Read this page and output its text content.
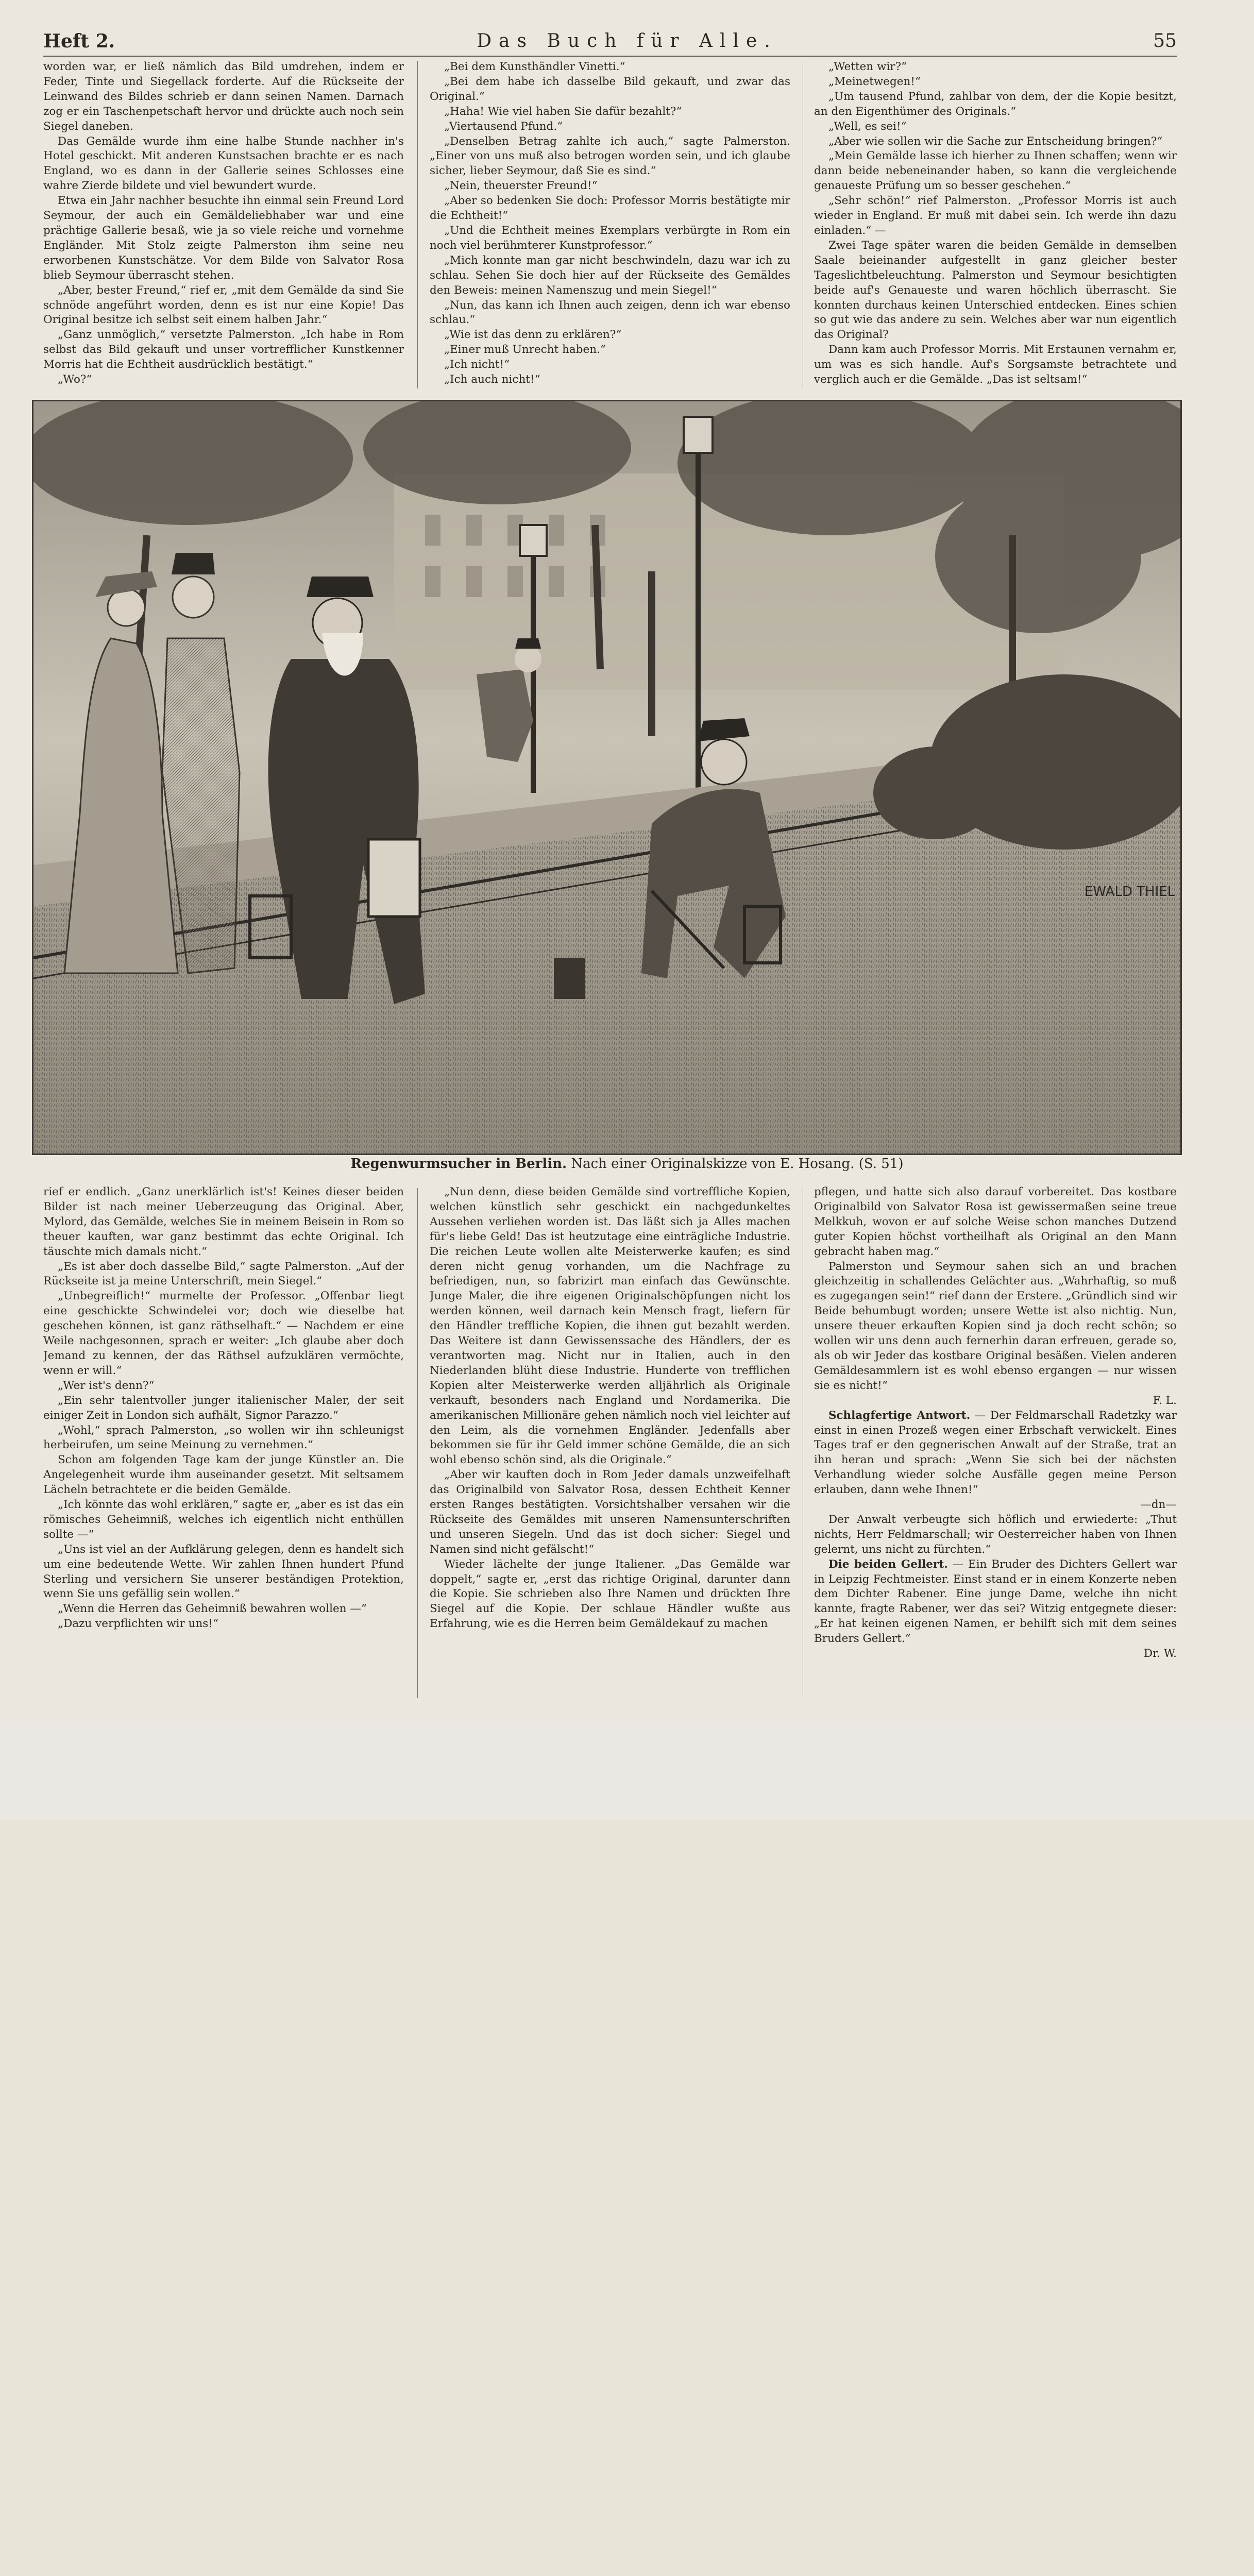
Heft 2.	Das Buch für Alle.	55

worden war, er ließ nämlich das Bild umdrehen, indem er Feder, Tinte und Siegellack forderte. Auf die Rückseite der Leinwand des Bildes schrieb er dann seinen Namen. Darnach zog er ein Taschenpetschaft hervor und drückte auch noch sein Siegel daneben.

Das Gemälde wurde ihm eine halbe Stunde nachher in's Hotel geschickt. Mit anderen Kunstsachen brachte er es nach England, wo es dann in der Gallerie seines Schlosses eine wahre Zierde bildete und viel bewundert wurde.

Etwa ein Jahr nachher besuchte ihn einmal sein Freund Lord Seymour, der auch ein Gemäldeliebhaber war und eine prächtige Gallerie besaß, wie ja so viele reiche und vornehme Engländer. Mit Stolz zeigte Palmerston ihm seine neu erworbenen Kunstschätze. Vor dem Bilde von Salvator Rosa blieb Seymour überrascht stehen.

„Aber, bester Freund,“ rief er, „mit dem Gemälde da sind Sie schnöde angeführt worden, denn es ist nur eine Kopie! Das Original besitze ich selbst seit einem halben Jahr.“

„Ganz unmöglich,“ versetzte Palmerston. „Ich habe in Rom selbst das Bild gekauft und unser vortrefflicher Kunstkenner Morris hat die Echtheit ausdrücklich bestätigt.“

„Wo?“

„Bei dem Kunsthändler Vinetti.“

„Bei dem habe ich dasselbe Bild gekauft, und zwar das Original.“

„Haha! Wie viel haben Sie dafür bezahlt?“

„Viertausend Pfund.“

„Denselben Betrag zahlte ich auch,“ sagte Palmerston. „Einer von uns muß also betrogen worden sein, und ich glaube sicher, lieber Seymour, daß Sie es sind.“

„Nein, theuerster Freund!“

„Aber so bedenken Sie doch: Professor Morris bestätigte mir die Echtheit!“

„Und die Echtheit meines Exemplars verbürgte in Rom ein noch viel berühmterer Kunstprofessor.“

„Mich konnte man gar nicht beschwindeln, dazu war ich zu schlau. Sehen Sie doch hier auf der Rückseite des Gemäldes den Beweis: meinen Namenszug und mein Siegel!“

„Nun, das kann ich Ihnen auch zeigen, denn ich war ebenso schlau.“

„Wie ist das denn zu erklären?“

„Einer muß Unrecht haben.“

„Ich nicht!“

„Ich auch nicht!“

„Wetten wir?“

„Meinetwegen!“

„Um tausend Pfund, zahlbar von dem, der die Kopie besitzt, an den Eigenthümer des Originals.“

„Well, es sei!“

„Aber wie sollen wir die Sache zur Entscheidung bringen?“

„Mein Gemälde lasse ich hierher zu Ihnen schaffen; wenn wir dann beide nebeneinander haben, so kann die vergleichende genaueste Prüfung um so besser geschehen.“

„Sehr schön!“ rief Palmerston. „Professor Morris ist auch wieder in England. Er muß mit dabei sein. Ich werde ihn dazu einladen.“ —

Zwei Tage später waren die beiden Gemälde in demselben Saale beieinander aufgestellt in ganz gleicher bester Tageslichtbeleuchtung. Palmerston und Seymour besichtigten beide auf's Genaueste und waren höchlich überrascht. Sie konnten durchaus keinen Unterschied entdecken. Eines schien so gut wie das andere zu sein. Welches aber war nun eigentlich das Original?

Dann kam auch Professor Morris. Mit Erstaunen vernahm er, um was es sich handle. Auf's Sorgsamste betrachtete und verglich auch er die Gemälde. „Das ist seltsam!“

EWALD THIEL
Regenwurmsucher in Berlin. Nach einer Originalskizze von E. Hosang. (S. 51)

rief er endlich. „Ganz unerklärlich ist's! Keines dieser beiden Bilder ist nach meiner Ueberzeugung das Original. Aber, Mylord, das Gemälde, welches Sie in meinem Beisein in Rom so theuer kauften, war ganz bestimmt das echte Original. Ich täuschte mich damals nicht.“

„Es ist aber doch dasselbe Bild,“ sagte Palmerston. „Auf der Rückseite ist ja meine Unterschrift, mein Siegel.“

„Unbegreiflich!“ murmelte der Professor. „Offenbar liegt eine geschickte Schwindelei vor; doch wie dieselbe hat geschehen können, ist ganz räthselhaft.“ — Nachdem er eine Weile nachgesonnen, sprach er weiter: „Ich glaube aber doch Jemand zu kennen, der das Räthsel aufzuklären vermöchte, wenn er will.“

„Wer ist's denn?“

„Ein sehr talentvoller junger italienischer Maler, der seit einiger Zeit in London sich aufhält, Signor Parazzo.“

„Wohl,“ sprach Palmerston, „so wollen wir ihn schleunigst herbeirufen, um seine Meinung zu vernehmen.“

Schon am folgenden Tage kam der junge Künstler an. Die Angelegenheit wurde ihm auseinander gesetzt. Mit seltsamem Lächeln betrachtete er die beiden Gemälde.

„Ich könnte das wohl erklären,“ sagte er, „aber es ist das ein römisches Geheimniß, welches ich eigentlich nicht enthüllen sollte —“

„Uns ist viel an der Aufklärung gelegen, denn es handelt sich um eine bedeutende Wette. Wir zahlen Ihnen hundert Pfund Sterling und versichern Sie unserer beständigen Protektion, wenn Sie uns gefällig sein wollen.“

„Wenn die Herren das Geheimniß bewahren wollen —“

„Dazu verpflichten wir uns!“

„Nun denn, diese beiden Gemälde sind vortreffliche Kopien, welchen künstlich sehr geschickt ein nachgedunkeltes Aussehen verliehen worden ist. Das läßt sich ja Alles machen für's liebe Geld! Das ist heutzutage eine einträgliche Industrie. Die reichen Leute wollen alte Meisterwerke kaufen; es sind deren nicht genug vorhanden, um die Nachfrage zu befriedigen, nun, so fabrizirt man einfach das Gewünschte. Junge Maler, die ihre eigenen Originalschöpfungen nicht los werden können, weil darnach kein Mensch fragt, liefern für den Händler treffliche Kopien, die ihnen gut bezahlt werden. Das Weitere ist dann Gewissenssache des Händlers, der es verantworten mag. Nicht nur in Italien, auch in den Niederlanden blüht diese Industrie. Hunderte von trefflichen Kopien alter Meisterwerke werden alljährlich als Originale verkauft, besonders nach England und Nordamerika. Die amerikanischen Millionäre gehen nämlich noch viel leichter auf den Leim, als die vornehmen Engländer. Jedenfalls aber bekommen sie für ihr Geld immer schöne Gemälde, die an sich wohl ebenso schön sind, als die Originale.“

„Aber wir kauften doch in Rom Jeder damals unzweifelhaft das Originalbild von Salvator Rosa, dessen Echtheit Kenner ersten Ranges bestätigten. Vorsichtshalber versahen wir die Rückseite des Gemäldes mit unseren Namensunterschriften und unseren Siegeln. Und das ist doch sicher: Siegel und Namen sind nicht gefälscht!“

Wieder lächelte der junge Italiener. „Das Gemälde war doppelt,“ sagte er, „erst das richtige Original, darunter dann die Kopie. Sie schrieben also Ihre Namen und drückten Ihre Siegel auf die Kopie. Der schlaue Händler wußte aus Erfahrung, wie es die Herren beim Gemäldekauf zu machen

pflegen, und hatte sich also darauf vorbereitet. Das kostbare Originalbild von Salvator Rosa ist gewissermaßen seine treue Melkkuh, wovon er auf solche Weise schon manches Dutzend guter Kopien höchst vortheilhaft als Original an den Mann gebracht haben mag.“

Palmerston und Seymour sahen sich an und brachen gleichzeitig in schallendes Gelächter aus. „Wahrhaftig, so muß es zugegangen sein!“ rief dann der Erstere. „Gründlich sind wir Beide behumbugt worden; unsere Wette ist also nichtig. Nun, unsere theuer erkauften Kopien sind ja doch recht schön; so wollen wir uns denn auch fernerhin daran erfreuen, gerade so, als ob wir Jeder das kostbare Original besäßen. Vielen anderen Gemäldesammlern ist es wohl ebenso ergangen — nur wissen sie es nicht!“

F. L.

Schlagfertige Antwort. — Der Feldmarschall Radetzky war einst in einen Prozeß wegen einer Erbschaft verwickelt. Eines Tages traf er den gegnerischen Anwalt auf der Straße, trat an ihn heran und sprach: „Wenn Sie sich bei der nächsten Verhandlung wieder solche Ausfälle gegen meine Person erlauben, dann wehe Ihnen!“

—dn—

Der Anwalt verbeugte sich höflich und erwiederte: „Thut nichts, Herr Feldmarschall; wir Oesterreicher haben von Ihnen gelernt, uns nicht zu fürchten.“

Die beiden Gellert. — Ein Bruder des Dichters Gellert war in Leipzig Fechtmeister. Einst stand er in einem Konzerte neben dem Dichter Rabener. Eine junge Dame, welche ihn nicht kannte, fragte Rabener, wer das sei? Witzig entgegnete dieser: „Er hat keinen eigenen Namen, er behilft sich mit dem seines Bruders Gellert.“

Dr. W.
